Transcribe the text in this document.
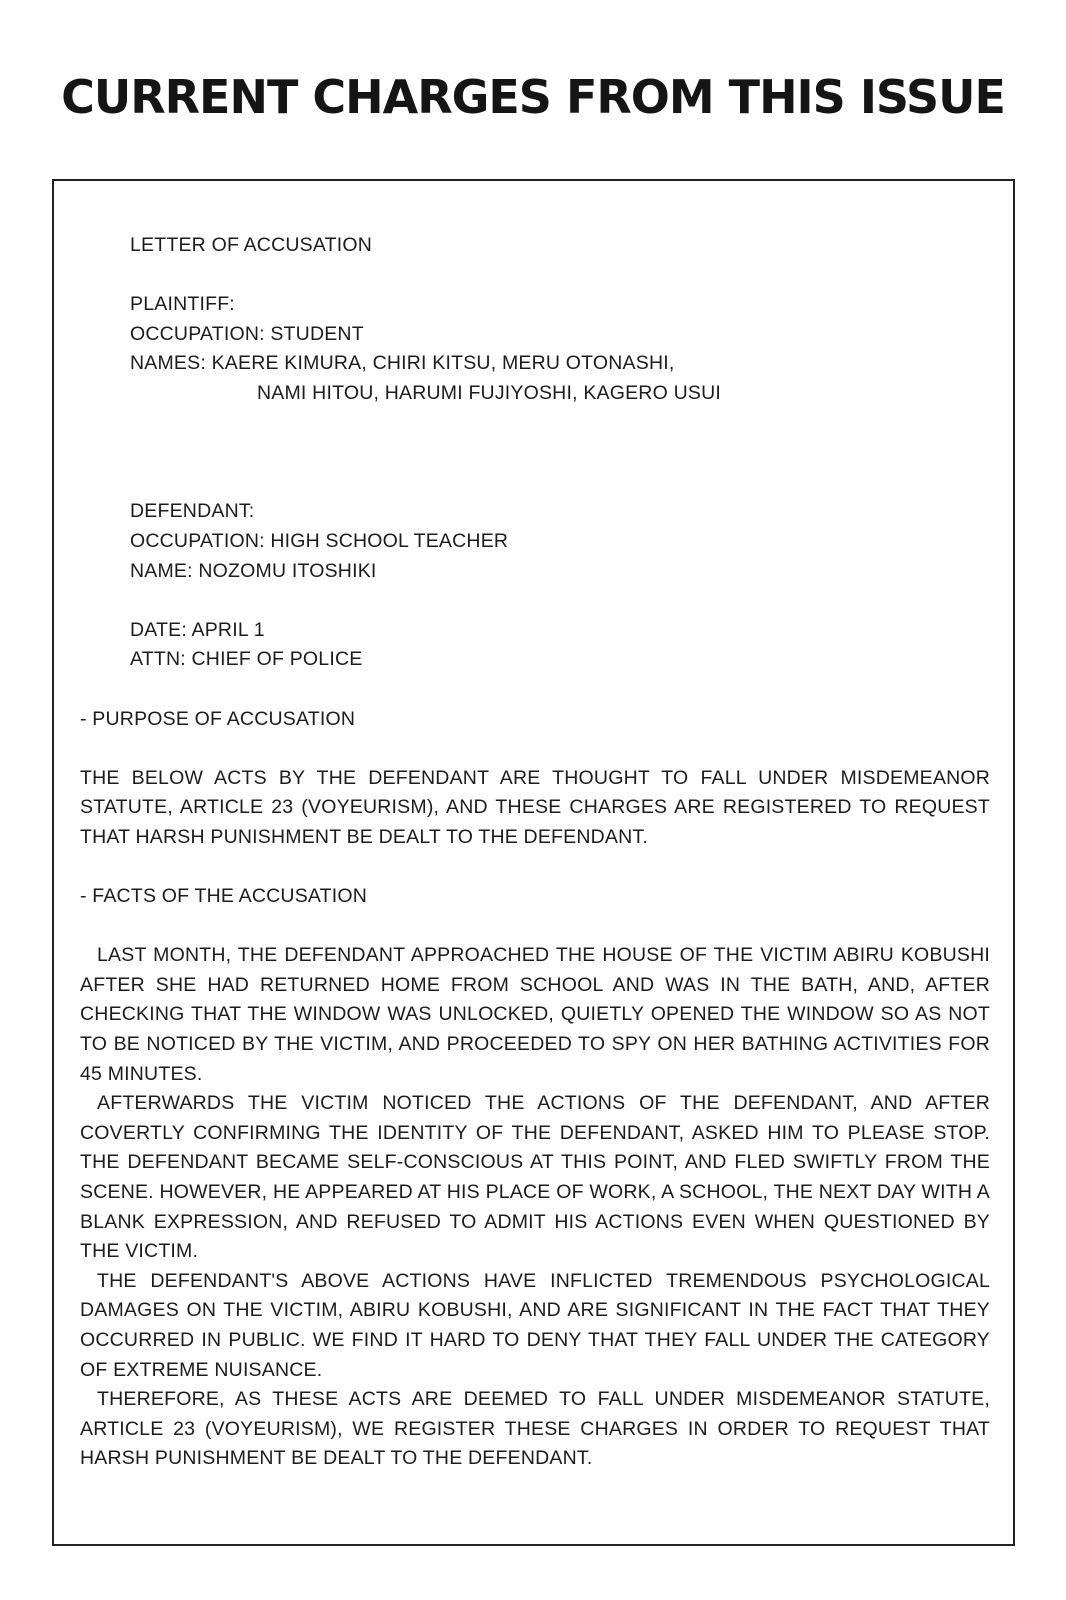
CURRENT CHARGES FROM THIS ISSUE
LETTER OF ACCUSATION
PLAINTIFF:
OCCUPATION: STUDENT
NAMES: KAERE KIMURA, CHIRI KITSU, MERU OTONASHI,
NAMI HITOU, HARUMI FUJIYOSHI, KAGERO USUI
DEFENDANT:
OCCUPATION: HIGH SCHOOL TEACHER
NAME: NOZOMU ITOSHIKI
DATE: APRIL 1
ATTN: CHIEF OF POLICE
- PURPOSE OF ACCUSATION

THE BELOW ACTS BY THE DEFENDANT ARE THOUGHT TO FALL UNDER MISDEMEANOR STATUTE, ARTICLE 23 (VOYEURISM), AND THESE CHARGES ARE REGISTERED TO REQUEST THAT HARSH PUNISHMENT BE DEALT TO THE DEFENDANT.

- FACTS OF THE ACCUSATION

LAST MONTH, THE DEFENDANT APPROACHED THE HOUSE OF THE VICTIM ABIRU KOBUSHI AFTER SHE HAD RETURNED HOME FROM SCHOOL AND WAS IN THE BATH, AND, AFTER CHECKING THAT THE WINDOW WAS UNLOCKED, QUIETLY OPENED THE WINDOW SO AS NOT TO BE NOTICED BY THE VICTIM, AND PROCEEDED TO SPY ON HER BATHING ACTIVITIES FOR 45 MINUTES.

AFTERWARDS THE VICTIM NOTICED THE ACTIONS OF THE DEFENDANT, AND AFTER COVERTLY CONFIRMING THE IDENTITY OF THE DEFENDANT, ASKED HIM TO PLEASE STOP. THE DEFENDANT BECAME SELF-CONSCIOUS AT THIS POINT, AND FLED SWIFTLY FROM THE SCENE. HOWEVER, HE APPEARED AT HIS PLACE OF WORK, A SCHOOL, THE NEXT DAY WITH A BLANK EXPRESSION, AND REFUSED TO ADMIT HIS ACTIONS EVEN WHEN QUESTIONED BY THE VICTIM.

THE DEFENDANT'S ABOVE ACTIONS HAVE INFLICTED TREMENDOUS PSYCHOLOGICAL DAMAGES ON THE VICTIM, ABIRU KOBUSHI, AND ARE SIGNIFICANT IN THE FACT THAT THEY OCCURRED IN PUBLIC. WE FIND IT HARD TO DENY THAT THEY FALL UNDER THE CATEGORY OF EXTREME NUISANCE.

THEREFORE, AS THESE ACTS ARE DEEMED TO FALL UNDER MISDEMEANOR STATUTE, ARTICLE 23 (VOYEURISM), WE REGISTER THESE CHARGES IN ORDER TO REQUEST THAT HARSH PUNISHMENT BE DEALT TO THE DEFENDANT.
